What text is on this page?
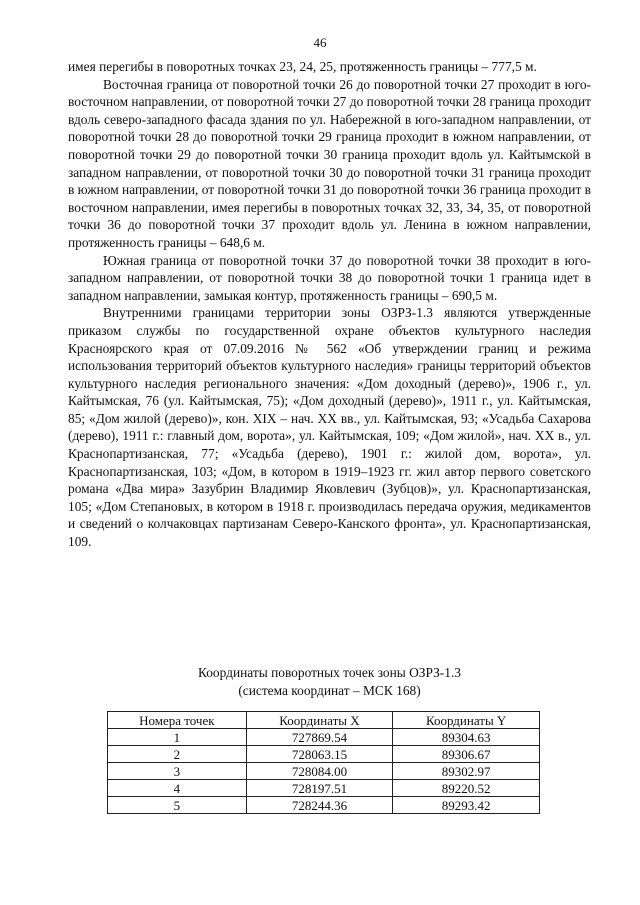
46

имея перегибы в поворотных точках 23, 24, 25, протяженность границы – 777,5 м.

Восточная граница от поворотной точки 26 до поворотной точки 27 проходит в юго-восточном направлении, от поворотной точки 27 до поворотной точки 28 граница проходит вдоль северо-западного фасада здания по ул. Набережной в юго-западном направлении, от поворотной точки 28 до поворотной точки 29 граница проходит в южном направлении, от поворотной точки 29 до поворотной точки 30 граница проходит вдоль ул. Кайтымской в западном направлении, от поворотной точки 30 до поворотной точки 31 граница проходит в южном направлении, от поворотной точки 31 до поворотной точки 36 граница проходит в восточном направлении, имея перегибы в поворотных точках 32, 33, 34, 35, от поворотной точки 36 до поворотной точки 37 проходит вдоль ул. Ленина в южном направлении, протяженность границы – 648,6 м.

Южная граница от поворотной точки 37 до поворотной точки 38 проходит в юго-западном направлении, от поворотной точки 38 до поворотной точки 1 граница идет в западном направлении, замыкая контур, протяженность границы – 690,5 м.

Внутренними границами территории зоны ОЗРЗ-1.3 являются утвержденные приказом службы по государственной охране объектов культурного наследия Красноярского края от 07.09.2016 № 562 «Об утверждении границ и режима использования территорий объектов культурного наследия» границы территорий объектов культурного наследия регионального значения: «Дом доходный (дерево)», 1906 г., ул. Кайтымская, 76 (ул. Кайтымская, 75); «Дом доходный (дерево)», 1911 г., ул. Кайтымская, 85; «Дом жилой (дерево)», кон. XIX – нач. XX вв., ул. Кайтымская, 93; «Усадьба Сахарова (дерево), 1911 г.: главный дом, ворота», ул. Кайтымская, 109; «Дом жилой», нач. XX в., ул. Краснопартизанская, 77; «Усадьба (дерево), 1901 г.: жилой дом, ворота», ул. Краснопартизанская, 103; «Дом, в котором в 1919–1923 гг. жил автор первого советского романа «Два мира» Зазубрин Владимир Яковлевич (Зубцов)», ул. Краснопартизанская, 105; «Дом Степановых, в котором в 1918 г. производилась передача оружия, медикаментов и сведений о колчаковцах партизанам Северо-Канского фронта», ул. Краснопартизанская, 109.

Координаты поворотных точек зоны ОЗРЗ-1.3
(система координат – МСК 168)
Номера точек	Координаты X	Координаты Y
1	727869.54	89304.63
2	728063.15	89306.67
3	728084.00	89302.97
4	728197.51	89220.52
5	728244.36	89293.42
